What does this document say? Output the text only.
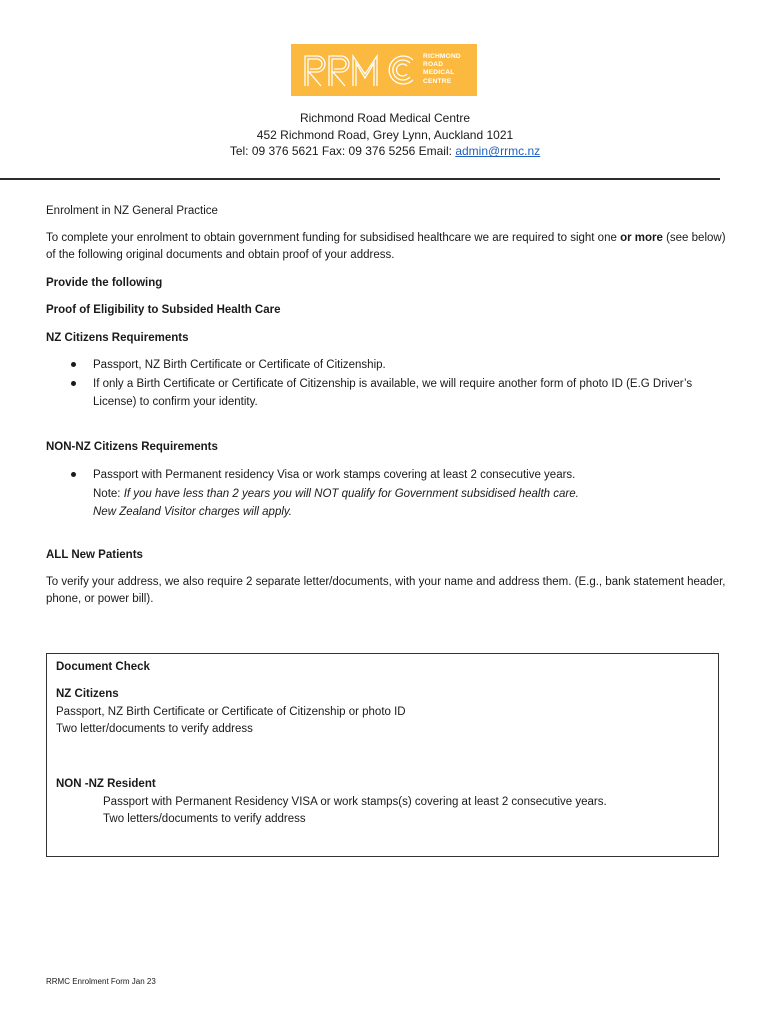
RICHMOND
ROAD
MEDICAL
CENTRE
Richmond Road Medical Centre
452 Richmond Road, Grey Lynn, Auckland 1021
Tel: 09 376 5621 Fax: 09 376 5256 Email: admin@rrmc.nz

Enrolment in NZ General Practice

To complete your enrolment to obtain government funding for subsidised healthcare we are required to sight one or more (see below) of the following original documents and obtain proof of your address.

Provide the following

Proof of Eligibility to Subsided Health Care

NZ Citizens Requirements

Passport, NZ Birth Certificate or Certificate of Citizenship.
If only a Birth Certificate or Certificate of Citizenship is available, we will require another form of photo ID (E.G Driver’s License) to confirm your identity.

NON-NZ Citizens Requirements

Passport with Permanent residency Visa or work stamps covering at least 2 consecutive years.
Note: If you have less than 2 years you will NOT qualify for Government subsidised health care.
New Zealand Visitor charges will apply.

ALL New Patients

To verify your address, we also require 2 separate letter/documents, with your name and address them. (E.g., bank statement header, phone, or power bill).

Document Check

NZ Citizens

Passport, NZ Birth Certificate or Certificate of Citizenship or photo ID

Two letter/documents to verify address

NON -NZ Resident

Passport with Permanent Residency VISA or work stamps(s) covering at least 2 consecutive years.

Two letters/documents to verify address

RRMC Enrolment Form Jan 23
